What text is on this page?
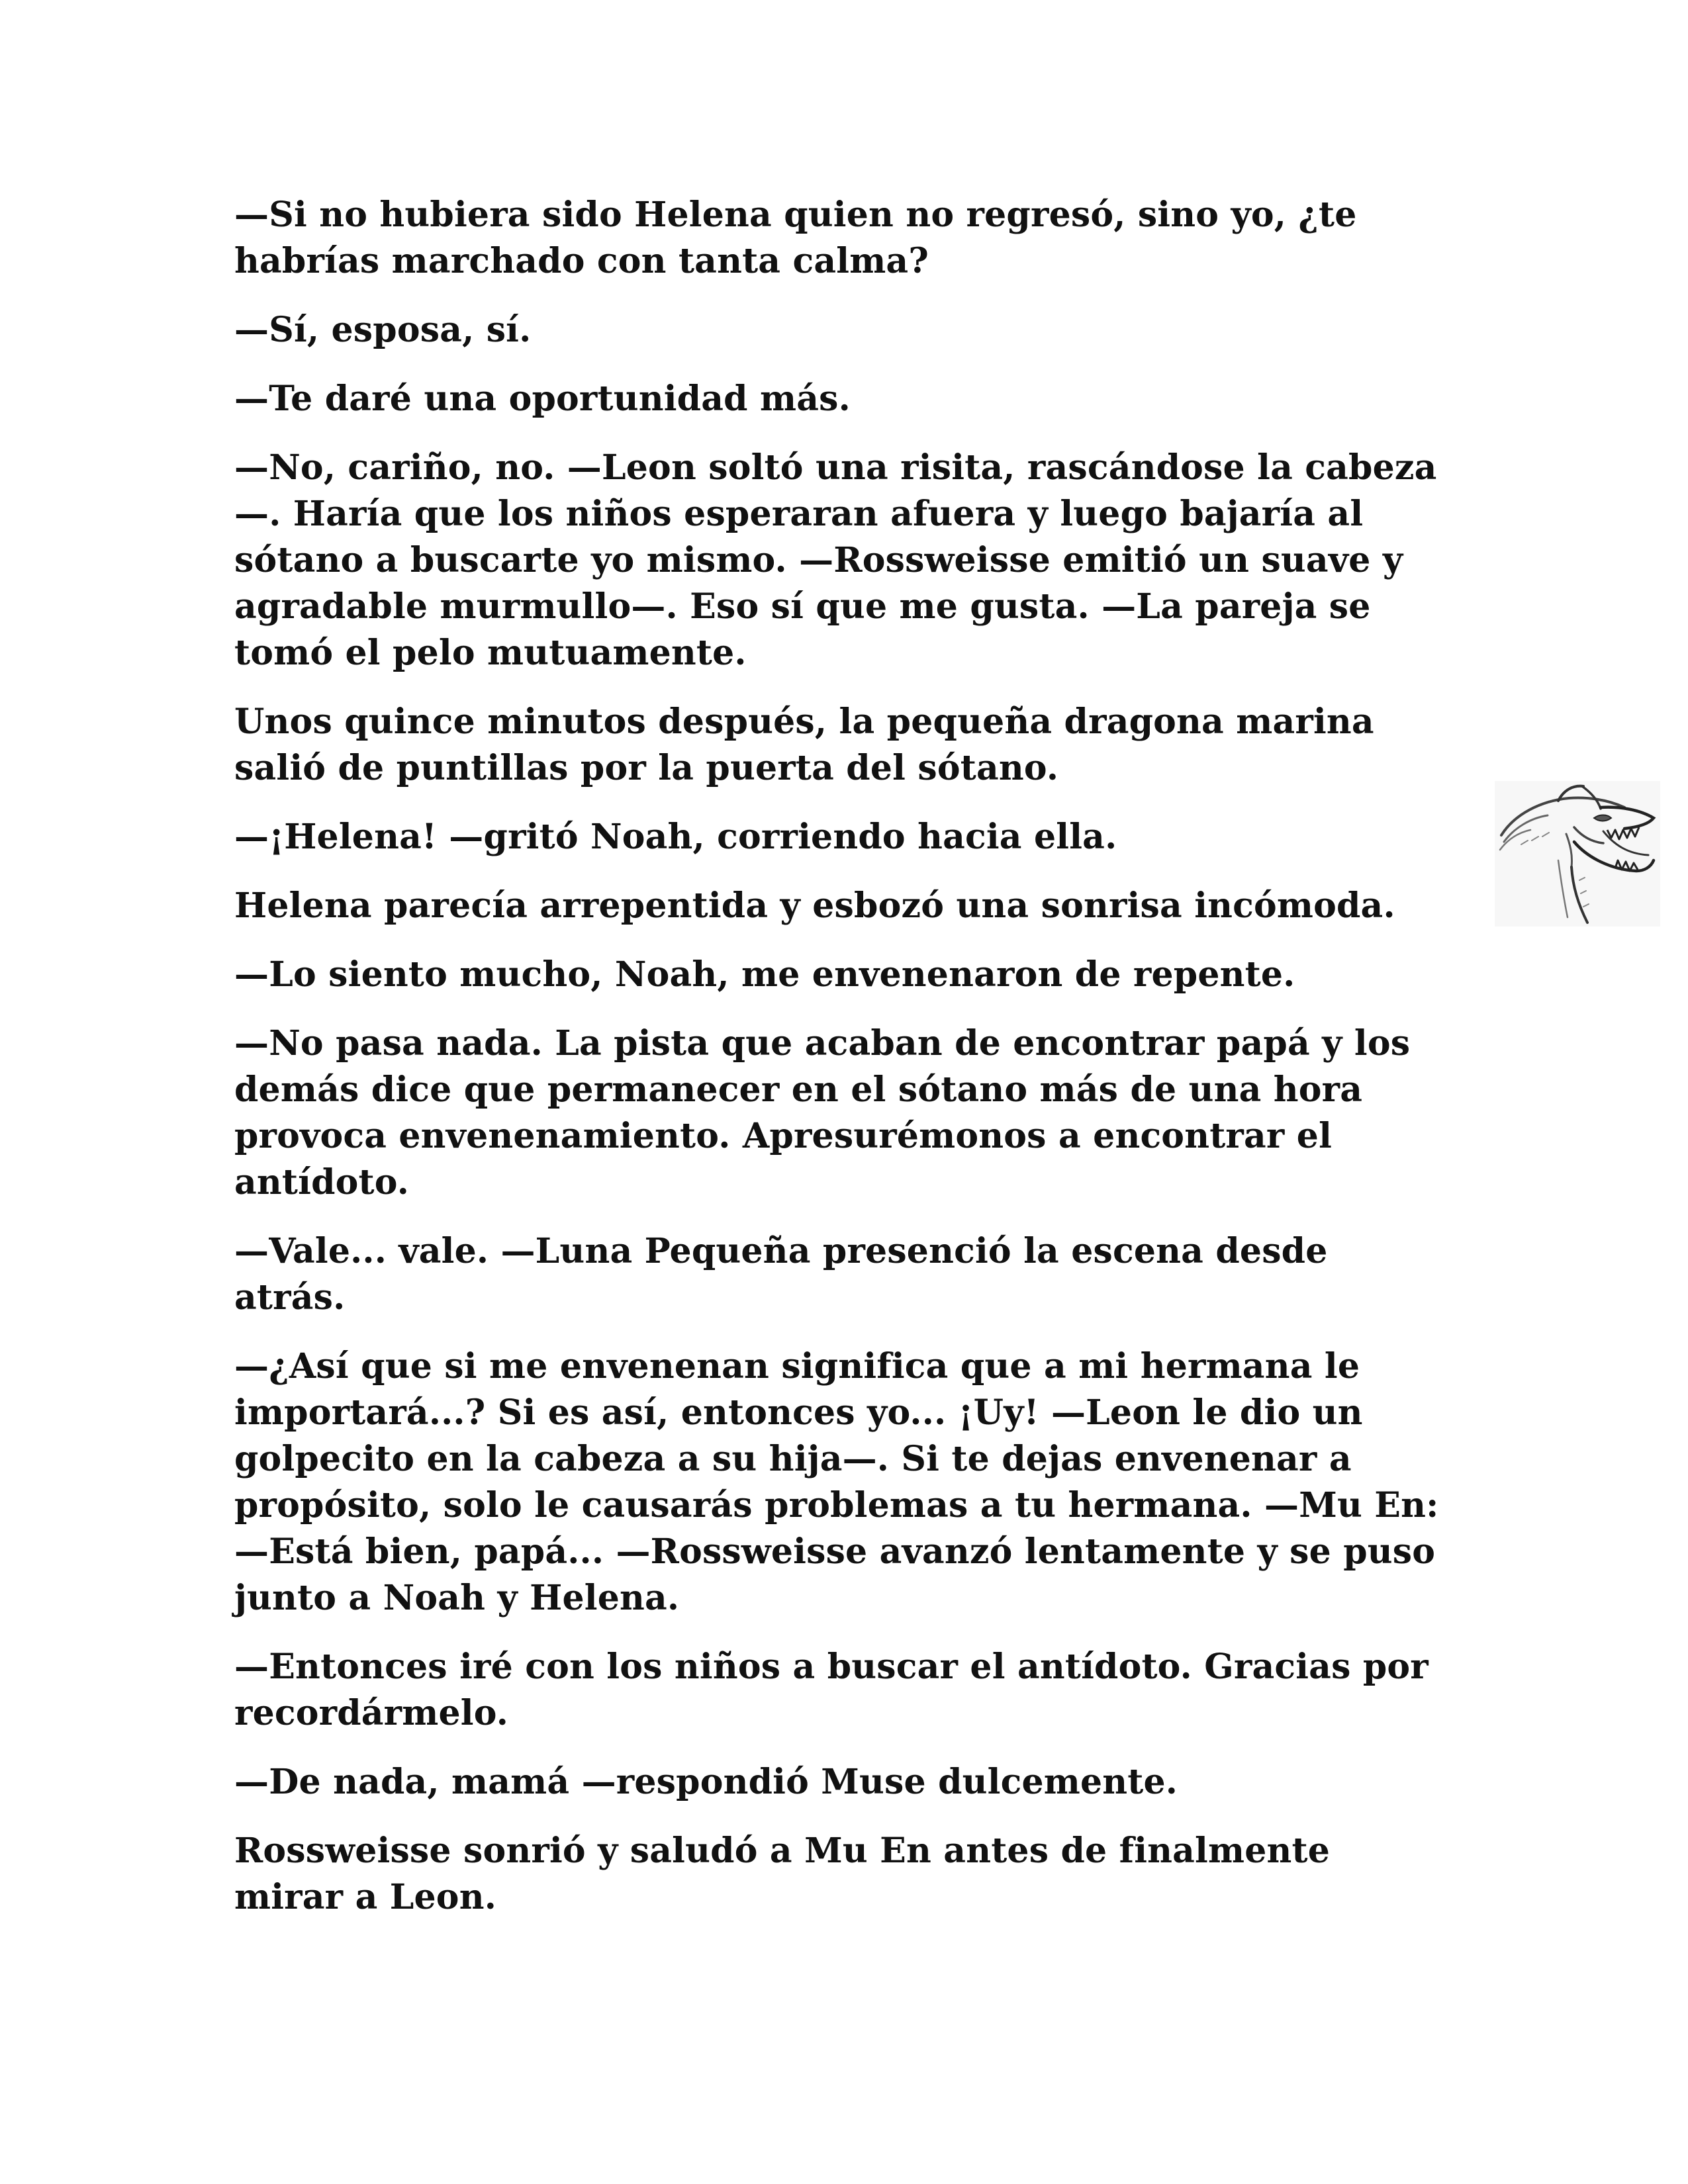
—Si no hubiera sido Helena quien no regresó, sino yo, ¿te habrías marchado con tanta calma?

—Sí, esposa, sí.

—Te daré una oportunidad más.

—No, cariño, no. —Leon soltó una risita, rascándose la cabeza—. Haría que los niños esperaran afuera y luego bajaría al sótano a buscarte yo mismo. —Rossweisse emitió un suave y agradable murmullo—. Eso sí que me gusta. —La pareja se tomó el pelo mutuamente.

Unos quince minutos después, la pequeña dragona marina salió de puntillas por la puerta del sótano.

—¡Helena! —gritó Noah, corriendo hacia ella.

Helena parecía arrepentida y esbozó una sonrisa incómoda.

—Lo siento mucho, Noah, me envenenaron de repente.

—No pasa nada. La pista que acaban de encontrar papá y los demás dice que permanecer en el sótano más de una hora provoca envenenamiento. Apresurémonos a encontrar el antídoto.

—Vale... vale. —Luna Pequeña presenció la escena desde atrás.

—¿Así que si me envenenan significa que a mi hermana le importará...? Si es así, entonces yo... ¡Uy! —Leon le dio un golpecito en la cabeza a su hija—. Si te dejas envenenar a propósito, solo le causarás problemas a tu hermana. —Mu En: —Está bien, papá... —Rossweisse avanzó lentamente y se puso junto a Noah y Helena.

—Entonces iré con los niños a buscar el antídoto. Gracias por recordármelo.

—De nada, mamá —respondió Muse dulcemente.

Rossweisse sonrió y saludó a Mu En antes de finalmente mirar a Leon.
